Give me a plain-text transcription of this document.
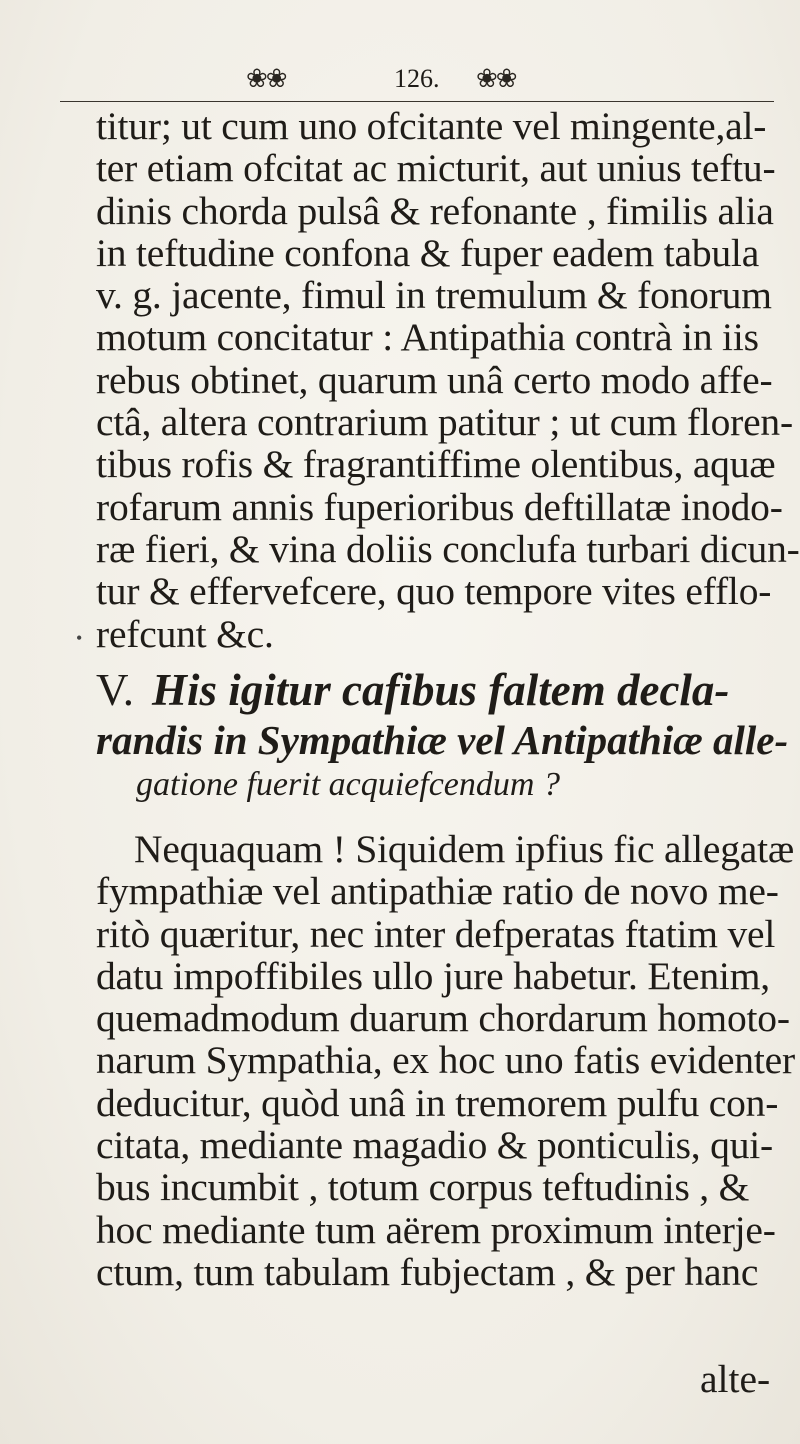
❀❀	126. ❀❀
titur; ut cum uno ofcitante vel mingente,al-
ter etiam ofcitat ac micturit, aut unius teftu-
dinis chorda pulsâ & refonante , fimilis alia
in teftudine confona & fuper eadem tabula
v. g. jacente, fimul in tremulum & fonorum
motum concitatur : Antipathia contrà in iis
rebus obtinet, quarum unâ certo modo affe-
ctâ, altera contrarium patitur ; ut cum floren-
tibus rofis & fragrantiffime olentibus, aquæ
rofarum annis fuperioribus deftillatæ inodo-
ræ fieri, & vina doliis conclufa turbari dicun-
tur & effervefcere, quo tempore vites efflo-
• refcunt &c.
V. His igitur cafibus faltem decla-
randis in Sympathiæ vel Antipathiæ alle-
gatione fuerit acquiefcendum ?
Nequaquam ! Siquidem ipfius fic allegatæ
fympathiæ vel antipathiæ ratio de novo me-
ritò quæritur, nec inter defperatas ftatim vel
datu impoffibiles ullo jure habetur. Etenim,
quemadmodum duarum chordarum homoto-
narum Sympathia, ex hoc uno fatis evidenter
deducitur, quòd unâ in tremorem pulfu con-
citata, mediante magadio & ponticulis, qui-
bus incumbit , totum corpus teftudinis , &
hoc mediante tum aërem proximum interje-
ctum, tum tabulam fubjectam , & per hanc
alte-
